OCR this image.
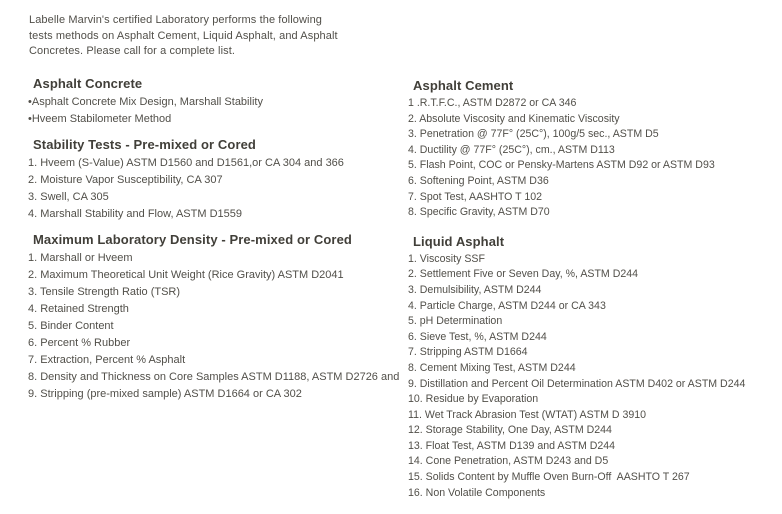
Labelle Marvin's certified Laboratory performs the following
tests methods on Asphalt Cement, Liquid Asphalt, and Asphalt
Concretes. Please call for a complete list.
Asphalt Concrete
•Asphalt Concrete Mix Design, Marshall Stability
•Hveem Stabilometer Method
Stability Tests - Pre-mixed or Cored
1. Hveem (S-Value) ASTM D1560 and D1561,or CA 304 and 366
2. Moisture Vapor Susceptibility, CA 307
3. Swell, CA 305
4. Marshall Stability and Flow, ASTM D1559
Maximum Laboratory Density - Pre-mixed or Cored
1. Marshall or Hveem
2. Maximum Theoretical Unit Weight (Rice Gravity) ASTM D2041
3. Tensile Strength Ratio (TSR)
4. Retained Strength
5. Binder Content
6. Percent % Rubber
7. Extraction, Percent % Asphalt
8. Density and Thickness on Core Samples ASTM D1188, ASTM D2726 and
9. Stripping (pre-mixed sample) ASTM D1664 or CA 302
Asphalt Cement
1 .R.T.F.C., ASTM D2872 or CA 346
2. Absolute Viscosity and Kinematic Viscosity
3. Penetration @ 77F° (25C°), 100g/5 sec., ASTM D5
4. Ductility @ 77F° (25C°), cm., ASTM D113
5. Flash Point, COC or Pensky-Martens ASTM D92 or ASTM D93
6. Softening Point, ASTM D36
7. Spot Test, AASHTO T 102
8. Specific Gravity, ASTM D70
Liquid Asphalt
1. Viscosity SSF
2. Settlement Five or Seven Day, %, ASTM D244
3. Demulsibility, ASTM D244
4. Particle Charge, ASTM D244 or CA 343
5. pH Determination
6. Sieve Test, %, ASTM D244
7. Stripping ASTM D1664
8. Cement Mixing Test, ASTM D244
9. Distillation and Percent Oil Determination ASTM D402 or ASTM D244
10. Residue by Evaporation
11. Wet Track Abrasion Test (WTAT) ASTM D 3910
12. Storage Stability, One Day, ASTM D244
13. Float Test, ASTM D139 and ASTM D244
14. Cone Penetration, ASTM D243 and D5
15. Solids Content by Muffle Oven Burn-Off  AASHTO T 267
16. Non Volatile Components
